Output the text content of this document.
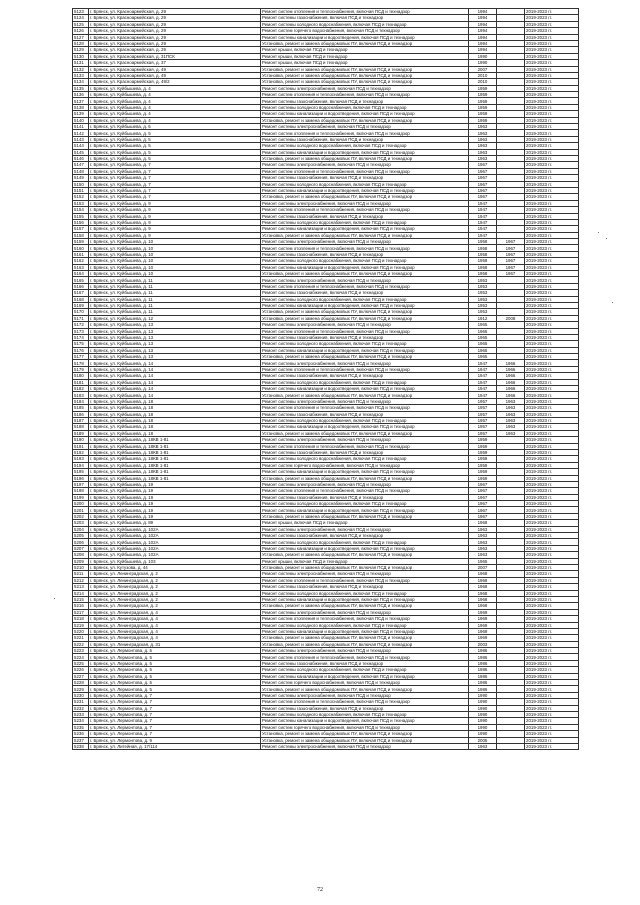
5123	г. Брянск, ул. Красноармейская, д. 29	Ремонт систем отопления и теплоснабжения, включая ПСД и технадзор	1994		2019-2023 гг.
5124	г. Брянск, ул. Красноармейская, д. 29	Ремонт системы газоснабжения, включая ПСД и технадзор	1994		2019-2023 гг.
5125	г. Брянск, ул. Красноармейская, д. 29	Ремонт системы холодного водоснабжения, включая ПСД и технадзор	1994		2019-2023 гг.
5126	г. Брянск, ул. Красноармейская, д. 29	Ремонт систем горячего водоснабжения, включая ПСД и технадзор	1994		2019-2023 гг.
5127	г. Брянск, ул. Красноармейская, д. 29	Ремонт системы канализации и водоотведения, включая ПСД и технадзор	1994		2019-2023 гг.
5128	г. Брянск, ул. Красноармейская, д. 29	Установка, ремонт и замена общедомовых ПУ, включая ПСД и технадзор	1994		2019-2023 гг.
5129	г. Брянск, ул. Красноармейская, д. 29	Ремонт крыши, включая ПСД и технадзор	1994		2019-2023 гг.
5130	г. Брянск, ул. Красноармейская, д. 31ПСК	Ремонт крыши, включая ПСД и технадзор	1990		2019-2023 гг.
5131	г. Брянск, ул. Красноармейская, д. 37	Ремонт крыши, включая ПСД и технадзор	1990		2019-2023 гг.
5132	г. Брянск, ул. Красноармейская, д. 49	Установка, ремонт и замена общедомовых ПУ, включая ПСД и технадзор	2007		2019-2023 гг.
5133	г. Брянск, ул. Красноармейская, д. 49	Установка, ремонт и замена общедомовых ПУ, включая ПСД и технадзор	2010		2019-2023 гг.
5134	г. Брянск, ул. Красноармейская, д. 49/2	Установка, ремонт и замена общедомовых ПУ, включая ПСД и технадзор	2010		2019-2023 гг.
5135	г. Брянск, ул. Куйбышева, д. 4	Ремонт системы электроснабжения, включая ПСД и технадзор	1959		2019-2023 гг.
5136	г. Брянск, ул. Куйбышева, д. 4	Ремонт систем отопления и теплоснабжения, включая ПСД и технадзор	1959		2019-2023 гг.
5137	г. Брянск, ул. Куйбышева, д. 4	Ремонт системы газоснабжения, включая ПСД и технадзор	1959		2019-2023 гг.
5138	г. Брянск, ул. Куйбышева, д. 4	Ремонт системы холодного водоснабжения, включая ПСД и технадзор	1959		2019-2023 гг.
5139	г. Брянск, ул. Куйбышева, д. 4	Ремонт системы канализации и водоотведения, включая ПСД и технадзор	1959		2019-2023 гг.
5140	г. Брянск, ул. Куйбышева, д. 4	Установка, ремонт и замена общедомовых ПУ, включая ПСД и технадзор	1959		2019-2023 гг.
5141	г. Брянск, ул. Куйбышева, д. 5	Ремонт системы электроснабжения, включая ПСД и технадзор	1963		2019-2023 гг.
5142	г. Брянск, ул. Куйбышева, д. 5	Ремонт систем отопления и теплоснабжения, включая ПСД и технадзор	1963		2019-2023 гг.
5143	г. Брянск, ул. Куйбышева, д. 5	Ремонт системы газоснабжения, включая ПСД и технадзор	1963		2019-2023 гг.
5144	г. Брянск, ул. Куйбышева, д. 5	Ремонт системы холодного водоснабжения, включая ПСД и технадзор	1963		2019-2023 гг.
5145	г. Брянск, ул. Куйбышева, д. 5	Ремонт системы канализации и водоотведения, включая ПСД и технадзор	1963		2019-2023 гг.
5146	г. Брянск, ул. Куйбышева, д. 5	Установка, ремонт и замена общедомовых ПУ, включая ПСД и технадзор	1963		2019-2023 гг.
5147	г. Брянск, ул. Куйбышева, д. 7	Ремонт системы электроснабжения, включая ПСД и технадзор	1967		2019-2023 гг.
5148	г. Брянск, ул. Куйбышева, д. 7	Ремонт систем отопления и теплоснабжения, включая ПСД и технадзор	1967		2019-2023 гг.
5149	г. Брянск, ул. Куйбышева, д. 7	Ремонт системы газоснабжения, включая ПСД и технадзор	1967		2019-2023 гг.
5150	г. Брянск, ул. Куйбышева, д. 7	Ремонт системы холодного водоснабжения, включая ПСД и технадзор	1967		2019-2023 гг.
5151	г. Брянск, ул. Куйбышева, д. 7	Ремонт системы канализации и водоотведения, включая ПСД и технадзор	1967		2019-2023 гг.
5152	г. Брянск, ул. Куйбышева, д. 7	Установка, ремонт и замена общедомовых ПУ, включая ПСД и технадзор	1967		2019-2023 гг.
5153	г. Брянск, ул. Куйбышева, д. 9	Ремонт системы электроснабжения, включая ПСД и технадзор	1947		2019-2023 гг.
5154	г. Брянск, ул. Куйбышева, д. 9	Ремонт систем отопления и теплоснабжения, включая ПСД и технадзор	1947		2019-2023 гг.
5155	г. Брянск, ул. Куйбышева, д. 9	Ремонт системы газоснабжения, включая ПСД и технадзор	1947		2019-2023 гг.
5156	г. Брянск, ул. Куйбышева, д. 9	Ремонт системы холодного водоснабжения, включая ПСД и технадзор	1947		2019-2023 гг.
5157	г. Брянск, ул. Куйбышева, д. 9	Ремонт системы канализации и водоотведения, включая ПСД и технадзор	1947		2019-2023 гг.
5158	г. Брянск, ул. Куйбышева, д. 9	Установка, ремонт и замена общедомовых ПУ, включая ПСД и технадзор	1947		2019-2023 гг.
5159	г. Брянск, ул. Куйбышева, д. 10	Ремонт системы электроснабжения, включая ПСД и технадзор	1958	1967	2019-2023 гг.
5160	г. Брянск, ул. Куйбышева, д. 10	Ремонт систем отопления и теплоснабжения, включая ПСД и технадзор	1958	1967	2019-2023 гг.
5161	г. Брянск, ул. Куйбышева, д. 10	Ремонт системы газоснабжения, включая ПСД и технадзор	1958	1967	2019-2023 гг.
5162	г. Брянск, ул. Куйбышева, д. 10	Ремонт системы холодного водоснабжения, включая ПСД и технадзор	1958	1967	2019-2023 гг.
5163	г. Брянск, ул. Куйбышева, д. 10	Ремонт системы канализации и водоотведения, включая ПСД и технадзор	1958	1967	2019-2023 гг.
5164	г. Брянск, ул. Куйбышева, д. 10	Установка, ремонт и замена общедомовых ПУ, включая ПСД и технадзор	1958	1967	2019-2023 гг.
5165	г. Брянск, ул. Куйбышева, д. 11	Ремонт системы электроснабжения, включая ПСД и технадзор	1953		2019-2023 гг.
5166	г. Брянск, ул. Куйбышева, д. 11	Ремонт систем отопления и теплоснабжения, включая ПСД и технадзор	1953		2019-2023 гг.
5167	г. Брянск, ул. Куйбышева, д. 11	Ремонт системы газоснабжения, включая ПСД и технадзор	1953		2019-2023 гг.
5168	г. Брянск, ул. Куйбышева, д. 11	Ремонт системы холодного водоснабжения, включая ПСД и технадзор	1953		2019-2023 гг.
5169	г. Брянск, ул. Куйбышева, д. 11	Ремонт системы канализации и водоотведения, включая ПСД и технадзор	1953		2019-2023 гг.
5170	г. Брянск, ул. Куйбышева, д. 11	Установка, ремонт и замена общедомовых ПУ, включая ПСД и технадзор	1953		2019-2023 гг.
5171	г. Брянск, ул. Куйбышева, д. 12	Установка, ремонт и замена общедомовых ПУ, включая ПСД и технадзор	1912	2008	2019-2023 гг.
5172	г. Брянск, ул. Куйбышева, д. 13	Ремонт системы электроснабжения, включая ПСД и технадзор	1965		2019-2023 гг.
5173	г. Брянск, ул. Куйбышева, д. 13	Ремонт систем отопления и теплоснабжения, включая ПСД и технадзор	1965		2019-2023 гг.
5174	г. Брянск, ул. Куйбышева, д. 13	Ремонт системы газоснабжения, включая ПСД и технадзор	1965		2019-2023 гг.
5175	г. Брянск, ул. Куйбышева, д. 13	Ремонт системы холодного водоснабжения, включая ПСД и технадзор	1965		2019-2023 гг.
5176	г. Брянск, ул. Куйбышева, д. 13	Ремонт системы канализации и водоотведения, включая ПСД и технадзор	1965		2019-2023 гг.
5177	г. Брянск, ул. Куйбышева, д. 13	Установка, ремонт и замена общедомовых ПУ, включая ПСД и технадзор	1965		2019-2023 гг.
5178	г. Брянск, ул. Куйбышева, д. 14	Ремонт системы электроснабжения, включая ПСД и технадзор	1947	1966	2019-2023 гг.
5179	г. Брянск, ул. Куйбышева, д. 14	Ремонт систем отопления и теплоснабжения, включая ПСД и технадзор	1947	1966	2019-2023 гг.
5180	г. Брянск, ул. Куйбышева, д. 14	Ремонт системы газоснабжения, включая ПСД и технадзор	1947	1966	2019-2023 гг.
5181	г. Брянск, ул. Куйбышева, д. 14	Ремонт системы холодного водоснабжения, включая ПСД и технадзор	1947	1966	2019-2023 гг.
5182	г. Брянск, ул. Куйбышева, д. 14	Ремонт системы канализации и водоотведения, включая ПСД и технадзор	1947	1966	2019-2023 гг.
5183	г. Брянск, ул. Куйбышева, д. 14	Установка, ремонт и замена общедомовых ПУ, включая ПСД и технадзор	1947	1966	2019-2023 гг.
5184	г. Брянск, ул. Куйбышева, д. 18	Ремонт системы электроснабжения, включая ПСД и технадзор	1957	1963	2019-2023 гг.
5185	г. Брянск, ул. Куйбышева, д. 18	Ремонт систем отопления и теплоснабжения, включая ПСД и технадзор	1957	1963	2019-2023 гг.
5186	г. Брянск, ул. Куйбышева, д. 18	Ремонт системы газоснабжения, включая ПСД и технадзор	1957	1963	2019-2023 гг.
5187	г. Брянск, ул. Куйбышева, д. 18	Ремонт системы холодного водоснабжения, включая ПСД и технадзор	1957	1963	2019-2023 гг.
5188	г. Брянск, ул. Куйбышева, д. 18	Ремонт системы канализации и водоотведения, включая ПСД и технадзор	1957	1963	2019-2023 гг.
5189	г. Брянск, ул. Куйбышева, д. 18	Установка, ремонт и замена общедомовых ПУ, включая ПСД и технадзор	1957	1963	2019-2023 гг.
5190	г. Брянск, ул. Куйбышева, д. 18КВ 1-81	Ремонт системы электроснабжения, включая ПСД и технадзор	1959		2019-2023 гг.
5191	г. Брянск, ул. Куйбышева, д. 18КВ 1-81	Ремонт систем отопления и теплоснабжения, включая ПСД и технадзор	1959		2019-2023 гг.
5192	г. Брянск, ул. Куйбышева, д. 18КВ 1-81	Ремонт системы газоснабжения, включая ПСД и технадзор	1959		2019-2023 гг.
5193	г. Брянск, ул. Куйбышева, д. 18КВ 1-81	Ремонт системы холодного водоснабжения, включая ПСД и технадзор	1959		2019-2023 гг.
5194	г. Брянск, ул. Куйбышева, д. 18КВ 1-81	Ремонт систем горячего водоснабжения, включая ПСД и технадзор	1959		2019-2023 гг.
5195	г. Брянск, ул. Куйбышева, д. 18КВ 1-81	Ремонт системы канализации и водоотведения, включая ПСД и технадзор	1959		2019-2023 гг.
5196	г. Брянск, ул. Куйбышева, д. 18КВ 1-81	Установка, ремонт и замена общедомовых ПУ, включая ПСД и технадзор	1959		2019-2023 гг.
5197	г. Брянск, ул. Куйбышева, д. 19	Ремонт системы электроснабжения, включая ПСД и технадзор	1967		2019-2023 гг.
5198	г. Брянск, ул. Куйбышева, д. 19	Ремонт систем отопления и теплоснабжения, включая ПСД и технадзор	1967		2019-2023 гг.
5199	г. Брянск, ул. Куйбышева, д. 19	Ремонт системы газоснабжения, включая ПСД и технадзор	1967		2019-2023 гг.
5200	г. Брянск, ул. Куйбышева, д. 19	Ремонт системы холодного водоснабжения, включая ПСД и технадзор	1967		2019-2023 гг.
5201	г. Брянск, ул. Куйбышева, д. 19	Ремонт системы канализации и водоотведения, включая ПСД и технадзор	1967		2019-2023 гг.
5202	г. Брянск, ул. Куйбышева, д. 19	Установка, ремонт и замена общедомовых ПУ, включая ПСД и технадзор	1967		2019-2023 гг.
5203	г. Брянск, ул. Куйбышева, д. 89	Ремонт крыши, включая ПСД и технадзор	1968		2019-2023 гг.
5204	г. Брянск, ул. Куйбышева, д. 102А	Ремонт системы электроснабжения, включая ПСД и технадзор	1963		2019-2023 гг.
5205	г. Брянск, ул. Куйбышева, д. 102А	Ремонт системы газоснабжения, включая ПСД и технадзор	1963		2019-2023 гг.
5206	г. Брянск, ул. Куйбышева, д. 102А	Ремонт системы холодного водоснабжения, включая ПСД и технадзор	1963		2019-2023 гг.
5207	г. Брянск, ул. Куйбышева, д. 102А	Ремонт системы канализации и водоотведения, включая ПСД и технадзор	1963		2019-2023 гг.
5208	г. Брянск, ул. Куйбышева, д. 102А	Установка, ремонт и замена общедомовых ПУ, включая ПСД и технадзор	1963		2019-2023 гг.
5209	г. Брянск, ул. Куйбышева, д. 103	Ремонт крыши, включая ПСД и технадзор	1965		2019-2023 гг.
5210	г. Брянск, ул. Кутузова, д. 44	Установка, ремонт и замена общедомовых ПУ, включая ПСД и технадзор	2007		2019-2023 гг.
5211	г. Брянск, ул. Ленинградская, д. 2	Ремонт системы электроснабжения, включая ПСД и технадзор	1968		2019-2023 гг.
5212	г. Брянск, ул. Ленинградская, д. 2	Ремонт систем отопления и теплоснабжения, включая ПСД и технадзор	1968		2019-2023 гг.
5213	г. Брянск, ул. Ленинградская, д. 2	Ремонт системы газоснабжения, включая ПСД и технадзор	1968		2019-2023 гг.
5214	г. Брянск, ул. Ленинградская, д. 2	Ремонт системы холодного водоснабжения, включая ПСД и технадзор	1968		2019-2023 гг.
5215	г. Брянск, ул. Ленинградская, д. 2	Ремонт системы канализации и водоотведения, включая ПСД и технадзор	1968		2019-2023 гг.
5216	г. Брянск, ул. Ленинградская, д. 2	Установка, ремонт и замена общедомовых ПУ, включая ПСД и технадзор	1968		2019-2023 гг.
5217	г. Брянск, ул. Ленинградская, д. 4	Ремонт системы электроснабжения, включая ПСД и технадзор	1969		2019-2023 гг.
5218	г. Брянск, ул. Ленинградская, д. 4	Ремонт систем отопления и теплоснабжения, включая ПСД и технадзор	1969		2019-2023 гг.
5219	г. Брянск, ул. Ленинградская, д. 4	Ремонт системы холодного водоснабжения, включая ПСД и технадзор	1969		2019-2023 гг.
5220	г. Брянск, ул. Ленинградская, д. 4	Ремонт системы канализации и водоотведения, включая ПСД и технадзор	1969		2019-2023 гг.
5221	г. Брянск, ул. Ленинградская, д. 4	Установка, ремонт и замена общедомовых ПУ, включая ПСД и технадзор	1969		2019-2023 гг.
5222	г. Брянск, ул. Ленинградская, д. 31	Установка, ремонт и замена общедомовых ПУ, включая ПСД и технадзор	2003		2019-2023 гг.
5223	г. Брянск, ул. Лермонтова, д. 5	Ремонт системы электроснабжения, включая ПСД и технадзор	1986		2019-2023 гг.
5224	г. Брянск, ул. Лермонтова, д. 5	Ремонт систем отопления и теплоснабжения, включая ПСД и технадзор	1986		2019-2023 гг.
5225	г. Брянск, ул. Лермонтова, д. 5	Ремонт системы газоснабжения, включая ПСД и технадзор	1986		2019-2023 гг.
5226	г. Брянск, ул. Лермонтова, д. 5	Ремонт системы холодного водоснабжения, включая ПСД и технадзор	1986		2019-2023 гг.
5227	г. Брянск, ул. Лермонтова, д. 5	Ремонт системы канализации и водоотведения, включая ПСД и технадзор	1986		2019-2023 гг.
5228	г. Брянск, ул. Лермонтова, д. 5	Ремонт систем горячего водоснабжения, включая ПСД и технадзор	1986		2019-2023 гг.
5229	г. Брянск, ул. Лермонтова, д. 5	Установка, ремонт и замена общедомовых ПУ, включая ПСД и технадзор	1986		2019-2023 гг.
5230	г. Брянск, ул. Лермонтова, д. 7	Ремонт системы электроснабжения, включая ПСД и технадзор	1990		2019-2023 гг.
5231	г. Брянск, ул. Лермонтова, д. 7	Ремонт систем отопления и теплоснабжения, включая ПСД и технадзор	1990		2019-2023 гг.
5232	г. Брянск, ул. Лермонтова, д. 7	Ремонт системы газоснабжения, включая ПСД и технадзор	1990		2019-2023 гг.
5233	г. Брянск, ул. Лермонтова, д. 7	Ремонт системы холодного водоснабжения, включая ПСД и технадзор	1990		2019-2023 гг.
5234	г. Брянск, ул. Лермонтова, д. 7	Ремонт системы канализации и водоотведения, включая ПСД и технадзор	1990		2019-2023 гг.
5235	г. Брянск, ул. Лермонтова, д. 7	Ремонт систем горячего водоснабжения, включая ПСД и технадзор	1990		2019-2023 гг.
5236	г. Брянск, ул. Лермонтова, д. 7	Установка, ремонт и замена общедомовых ПУ, включая ПСД и технадзор	1990		2019-2023 гг.
5237	г. Брянск, ул. Лермонтова, д. 9	Установка, ремонт и замена общедомовых ПУ, включая ПСД и технадзор	2005		2019-2023 гг.
5238	г. Брянск, ул. Литейная, д. 17/114	Ремонт системы электроснабжения, включая ПСД и технадзор	1963		2019-2023 гг.
72
